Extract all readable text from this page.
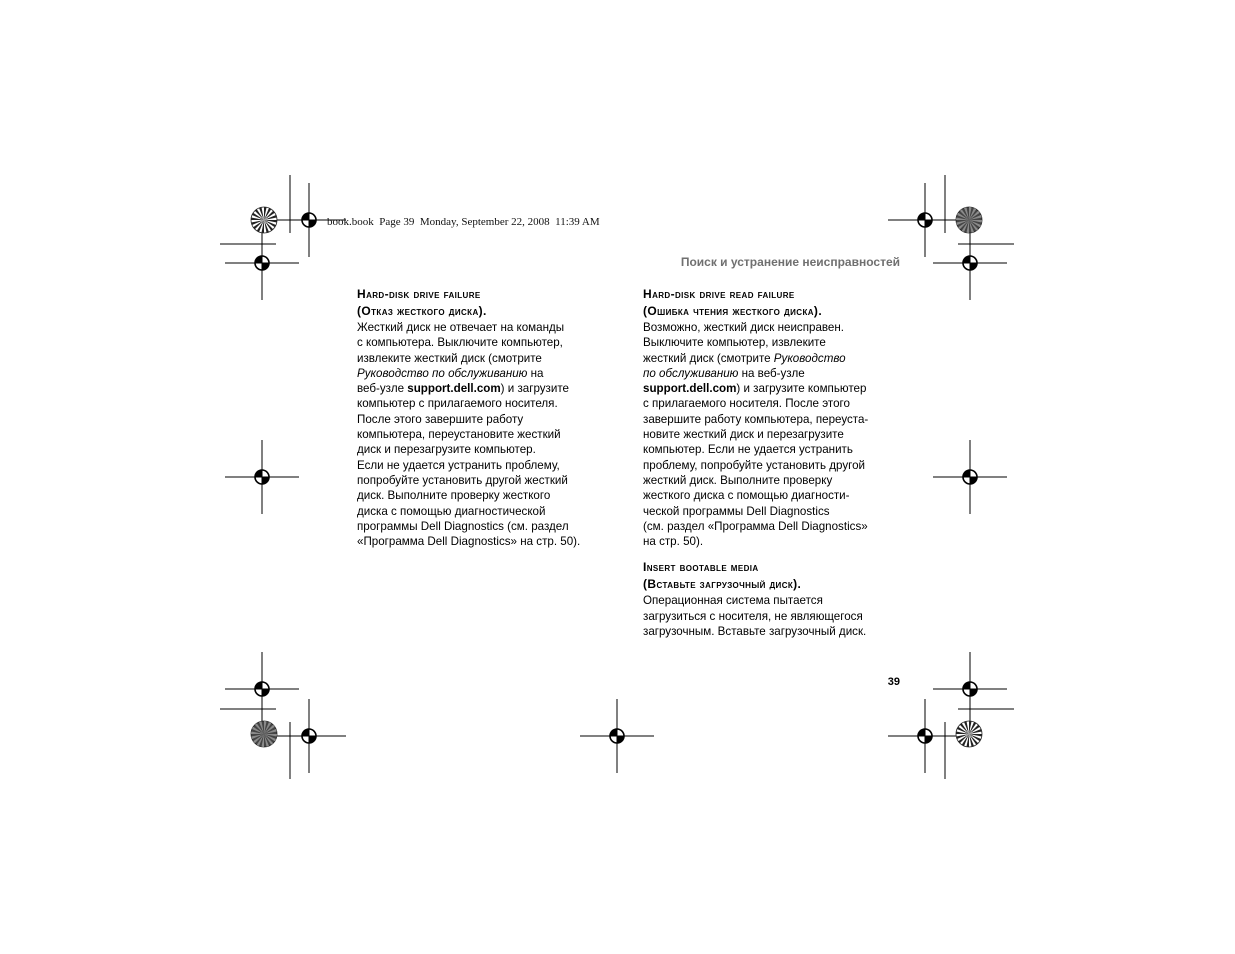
book.book  Page 39  Monday, September 22, 2008  11:39 AM

Поиск и устранение неисправностей

Hard-disk drive failure

(Отказ жесткого диска).

Жесткий диск не отвечает на команды
с компьютера. Выключите компьютер,
извлеките жесткий диск (смотрите
Руководство по обслуживанию на
веб-узле support.dell.com) и загрузите
компьютер с прилагаемого носителя.
После этого завершите работу
компьютера, переустановите жесткий
диск и перезагрузите компьютер.
Если не удается устранить проблему,
попробуйте установить другой жесткий
диск. Выполните проверку жесткого
диска с помощью диагностической
программы Dell Diagnostics (см. раздел
«Программа Dell Diagnostics» на стр. 50).

Hard-disk drive read failure

(Ошибка чтения жесткого диска).

Возможно, жесткий диск неисправен.
Выключите компьютер, извлеките
жесткий диск (смотрите Руководство
по обслуживанию на веб-узле
support.dell.com) и загрузите компьютер
с прилагаемого носителя. После этого
завершите работу компьютера, переуста-
новите жесткий диск и перезагрузите
компьютер. Если не удается устранить
проблему, попробуйте установить другой
жесткий диск. Выполните проверку
жесткого диска с помощью диагности-
ческой программы Dell Diagnostics
(см. раздел «Программа Dell Diagnostics»
на стр. 50).

Insert bootable media

(Вставьте загрузочный диск).

Операционная система пытается
загрузиться с носителя, не являющегося
загрузочным. Вставьте загрузочный диск.

39
